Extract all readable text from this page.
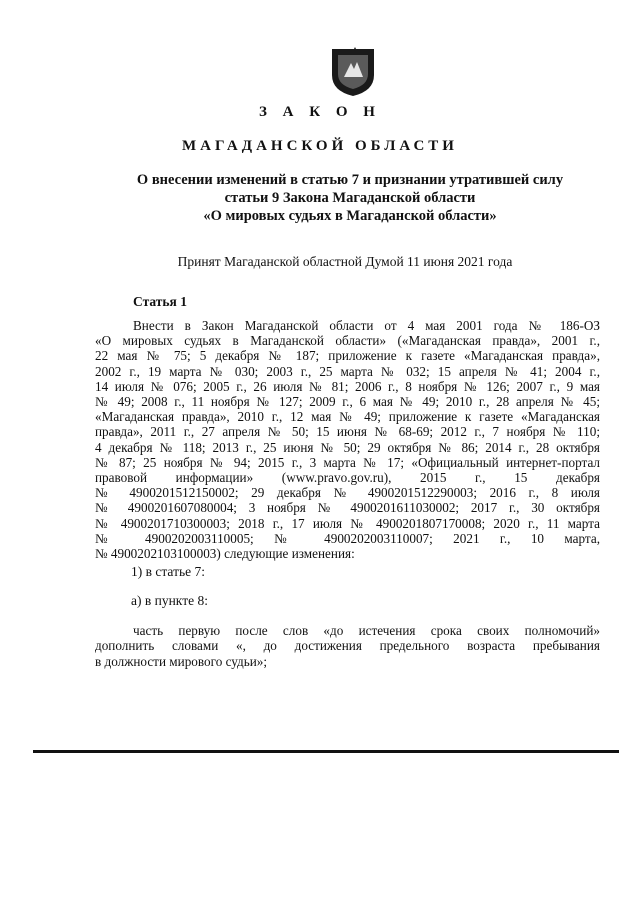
З А К О Н
МАГАДАНСКОЙ ОБЛАСТИ
О внесении изменений в статью 7 и признании утратившей силу
статьи 9 Закона Магаданской области
«О мировых судьях в Магаданской области»
Принят Магаданской областной Думой 11 июня 2021 года
Статья 1
Внести в Закон Магаданской области от 4 мая 2001 года № 186-ОЗ
«О мировых судьях в Магаданской области» («Магаданская правда», 2001 г.,
22 мая № 75; 5 декабря № 187; приложение к газете «Магаданская правда»,
2002 г., 19 марта № 030; 2003 г., 25 марта № 032; 15 апреля № 41; 2004 г.,
14 июля № 076; 2005 г., 26 июля № 81; 2006 г., 8 ноября № 126; 2007 г., 9 мая
№ 49; 2008 г., 11 ноября № 127; 2009 г., 6 мая № 49; 2010 г., 28 апреля № 45;
«Магаданская правда», 2010 г., 12 мая № 49; приложение к газете «Магаданская
правда», 2011 г., 27 апреля № 50; 15 июня № 68-69; 2012 г., 7 ноября № 110;
4 декабря № 118; 2013 г., 25 июня № 50; 29 октября № 86; 2014 г., 28 октября
№ 87; 25 ноября № 94; 2015 г., 3 марта № 17; «Официальный интернет-портал
правовой информации» (www.pravo.gov.ru), 2015 г., 15 декабря
№ 4900201512150002; 29 декабря № 4900201512290003; 2016 г., 8 июля
№ 4900201607080004; 3 ноября № 4900201611030002; 2017 г., 30 октября
№ 4900201710300003; 2018 г., 17 июля № 4900201807170008; 2020 г., 11 марта
№ 4900202003110005; № 4900202003110007; 2021 г., 10 марта,
№ 4900202103100003) следующие изменения:
1) в статье 7:
а) в пункте 8:
часть первую после слов «до истечения срока своих полномочий»
дополнить словами «, до достижения предельного возраста пребывания
в должности мирового судьи»;
